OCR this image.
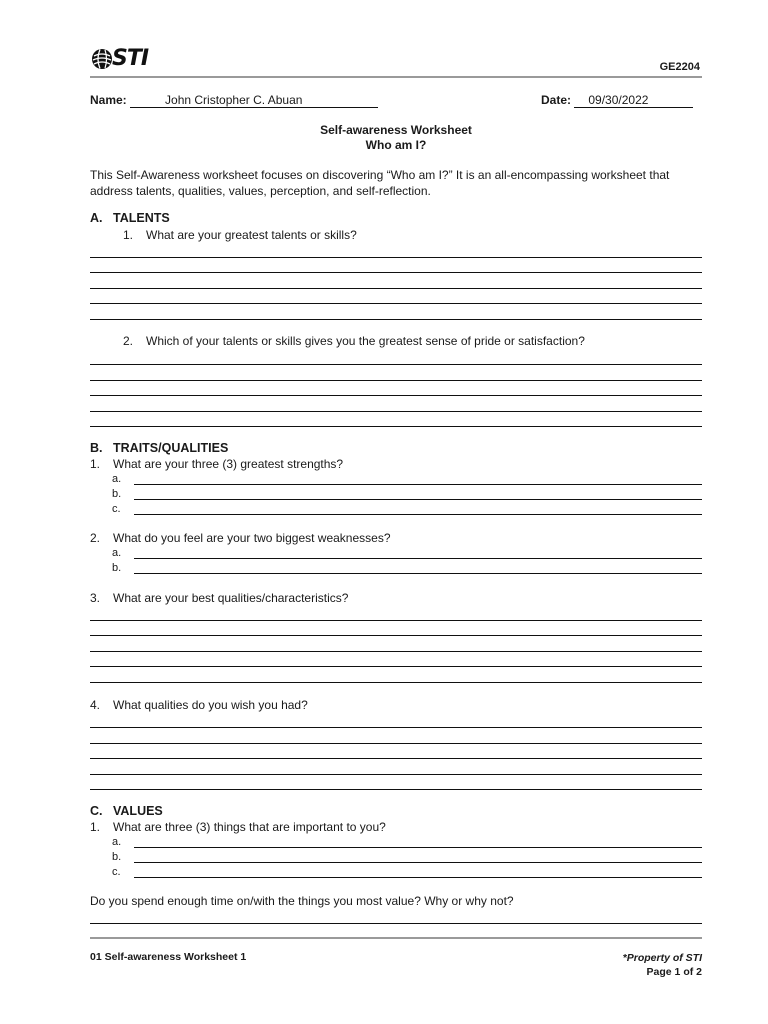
STI	GE2204
Name:	John Cristopher C. Abuan	Date: 09/30/2022
Self-awareness Worksheet
Who am I?
This Self-Awareness worksheet focuses on discovering “Who am I?” It is an all-encompassing worksheet that address talents, qualities, values, perception, and self-reflection.
A. TALENTS
1. What are your greatest talents or skills?
2. Which of your talents or skills gives you the greatest sense of pride or satisfaction?
B. TRAITS/QUALITIES
1. What are your three (3) greatest strengths?
a.
b.
c.
2. What do you feel are your two biggest weaknesses?
a.
b.
3. What are your best qualities/characteristics?
4. What qualities do you wish you had?
C. VALUES
1. What are three (3) things that are important to you?
a.
b.
c.
Do you spend enough time on/with the things you most value? Why or why not?
01 Self-awareness Worksheet 1	*Property of STI
Page 1 of 2
